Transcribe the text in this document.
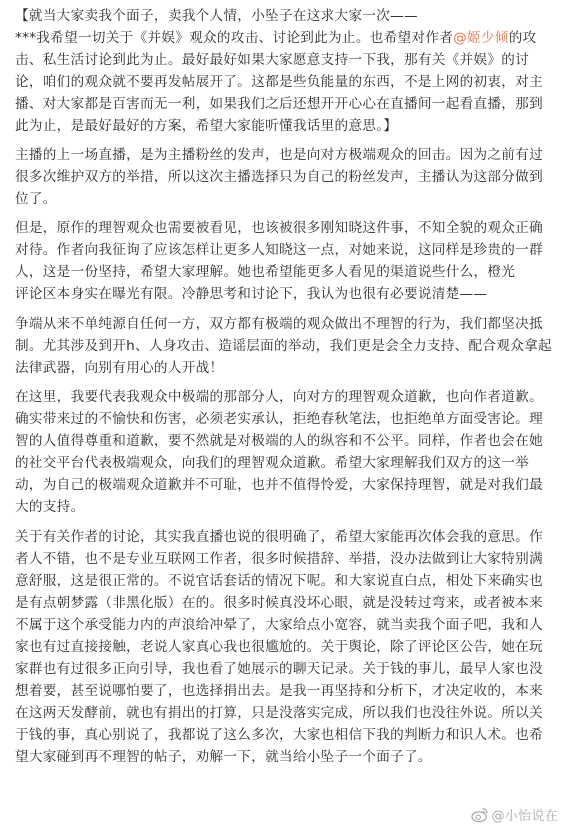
【就当大家卖我个面子，卖我个人情，小坠子在这求大家一次——
***我希望一切关于《并娱》观众的攻击、讨论到此为止。也希望对作者@姬少倾的攻
击、私生活讨论到此为止。最好最好如果大家愿意支持一下我，那有关《并娱》的讨
论，咱们的观众就不要再发帖展开了。这都是些负能量的东西，不是上网的初衷，对主
播、对大家都是百害而无一利，如果我们之后还想开开心心在直播间一起看直播，那到
此为止，是最好最好的方案，希望大家能听懂我话里的意思。】
主播的上一场直播，是为主播粉丝的发声，也是向对方极端观众的回击。因为之前有过
很多次维护双方的举措，所以这次主播选择只为自己的粉丝发声，主播认为这部分做到
位了。
但是，原作的理智观众也需要被看见，也该被很多刚知晓这件事，不知全貌的观众正确
对待。作者向我征询了应该怎样让更多人知晓这一点，对她来说，这同样是珍贵的一群
人，这是一份坚持，希望大家理解。她也希望能更多人看见的渠道说些什么，橙光
评论区本身实在曝光有限。冷静思考和讨论下，我认为也很有必要说清楚——
争端从来不单纯源自任何一方，双方都有极端的观众做出不理智的行为，我们都坚决抵
制。尤其涉及到开h、人身攻击、造谣层面的举动，我们更是会全力支持、配合观众拿起
法律武器，向别有用心的人开战！
在这里，我要代表我观众中极端的那部分人，向对方的理智观众道歉，也向作者道歉。
确实带来过的不愉快和伤害，必须老实承认，拒绝春秋笔法，也拒绝单方面受害论。理
智的人值得尊重和道歉，要不然就是对极端的人的纵容和不公平。同样，作者也会在她
的社交平台代表极端观众，向我们的理智观众道歉。希望大家理解我们双方的这一举
动，为自己的极端观众道歉并不可耻，也并不值得怜爱，大家保持理智，就是对我们最
大的支持。
关于有关作者的讨论，其实我直播也说的很明确了，希望大家能再次体会我的意思。作
者人不错，也不是专业互联网工作者，很多时候措辞、举措，没办法做到让大家特别满
意舒服，这是很正常的。不说官话套话的情况下呢。和大家说直白点，相处下来确实也
是有点朝梦露（非黑化版）在的。很多时候真没坏心眼，就是没转过弯来，或者被本来
不属于这个承受能力内的声浪给冲晕了，大家给点小宽容，就当卖我个面子吧，我和人
家也有过直接接触，老说人家真心我也很尴尬的。关于舆论，除了评论区公告，她在玩
家群也有过很多正向引导，我也看了她展示的聊天记录。关于钱的事儿，最早人家也没
想着要，甚至说哪怕要了，也选择捐出去。是我一再坚持和分析下，才决定收的，本来
在这两天发酵前，就也有捐出的打算，只是没落实完成，所以我们也没往外说。所以关
于钱的事，真心别说了，我都说了这么多次，大家也相信下我的判断力和识人术。也希
望大家碰到再不理智的帖子，劝解一下，就当给小坠子一个面子了。
@小怡说在
